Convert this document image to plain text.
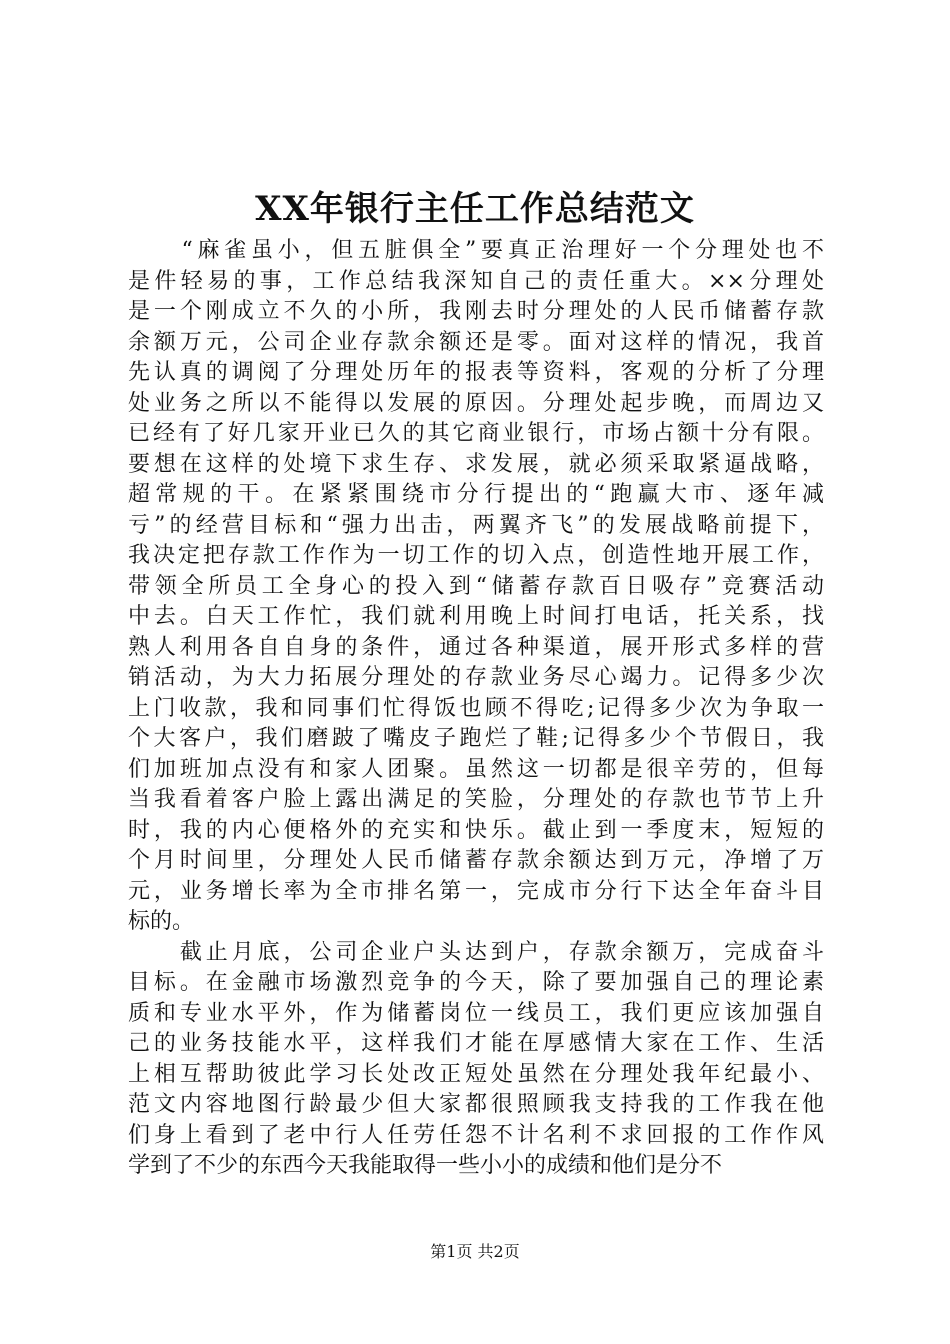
XX年银行主任工作总结范文
　　“麻雀虽小，但五脏俱全”要真正治理好一个分理处也不
是件轻易的事，工作总结我深知自己的责任重大。××分理处
是一个刚成立不久的小所，我刚去时分理处的人民币储蓄存款
余额万元，公司企业存款余额还是零。面对这样的情况，我首
先认真的调阅了分理处历年的报表等资料，客观的分析了分理
处业务之所以不能得以发展的原因。分理处起步晚，而周边又
已经有了好几家开业已久的其它商业银行，市场占额十分有限。
要想在这样的处境下求生存、求发展，就必须采取紧逼战略，
超常规的干。在紧紧围绕市分行提出的“跑赢大市、逐年减
亏”的经营目标和“强力出击，两翼齐飞”的发展战略前提下，
我决定把存款工作作为一切工作的切入点，创造性地开展工作，
带领全所员工全身心的投入到“储蓄存款百日吸存”竞赛活动
中去。白天工作忙，我们就利用晚上时间打电话，托关系，找
熟人利用各自自身的条件，通过各种渠道，展开形式多样的营
销活动，为大力拓展分理处的存款业务尽心竭力。记得多少次
上门收款，我和同事们忙得饭也顾不得吃;记得多少次为争取一
个大客户，我们磨跛了嘴皮子跑烂了鞋;记得多少个节假日，我
们加班加点没有和家人团聚。虽然这一切都是很辛劳的，但每
当我看着客户脸上露出满足的笑脸，分理处的存款也节节上升
时，我的内心便格外的充实和快乐。截止到一季度末，短短的
个月时间里，分理处人民币储蓄存款余额达到万元，净增了万
元，业务增长率为全市排名第一，完成市分行下达全年奋斗目
标的。
　　截止月底，公司企业户头达到户，存款余额万，完成奋斗
目标。在金融市场激烈竞争的今天，除了要加强自己的理论素
质和专业水平外，作为储蓄岗位一线员工，我们更应该加强自
己的业务技能水平，这样我们才能在厚感情大家在工作、生活
上相互帮助彼此学习长处改正短处虽然在分理处我年纪最小、
范文内容地图行龄最少但大家都很照顾我支持我的工作我在他
们身上看到了老中行人任劳任怨不计名利不求回报的工作作风
学到了不少的东西今天我能取得一些小小的成绩和他们是分不
第1页 共2页
